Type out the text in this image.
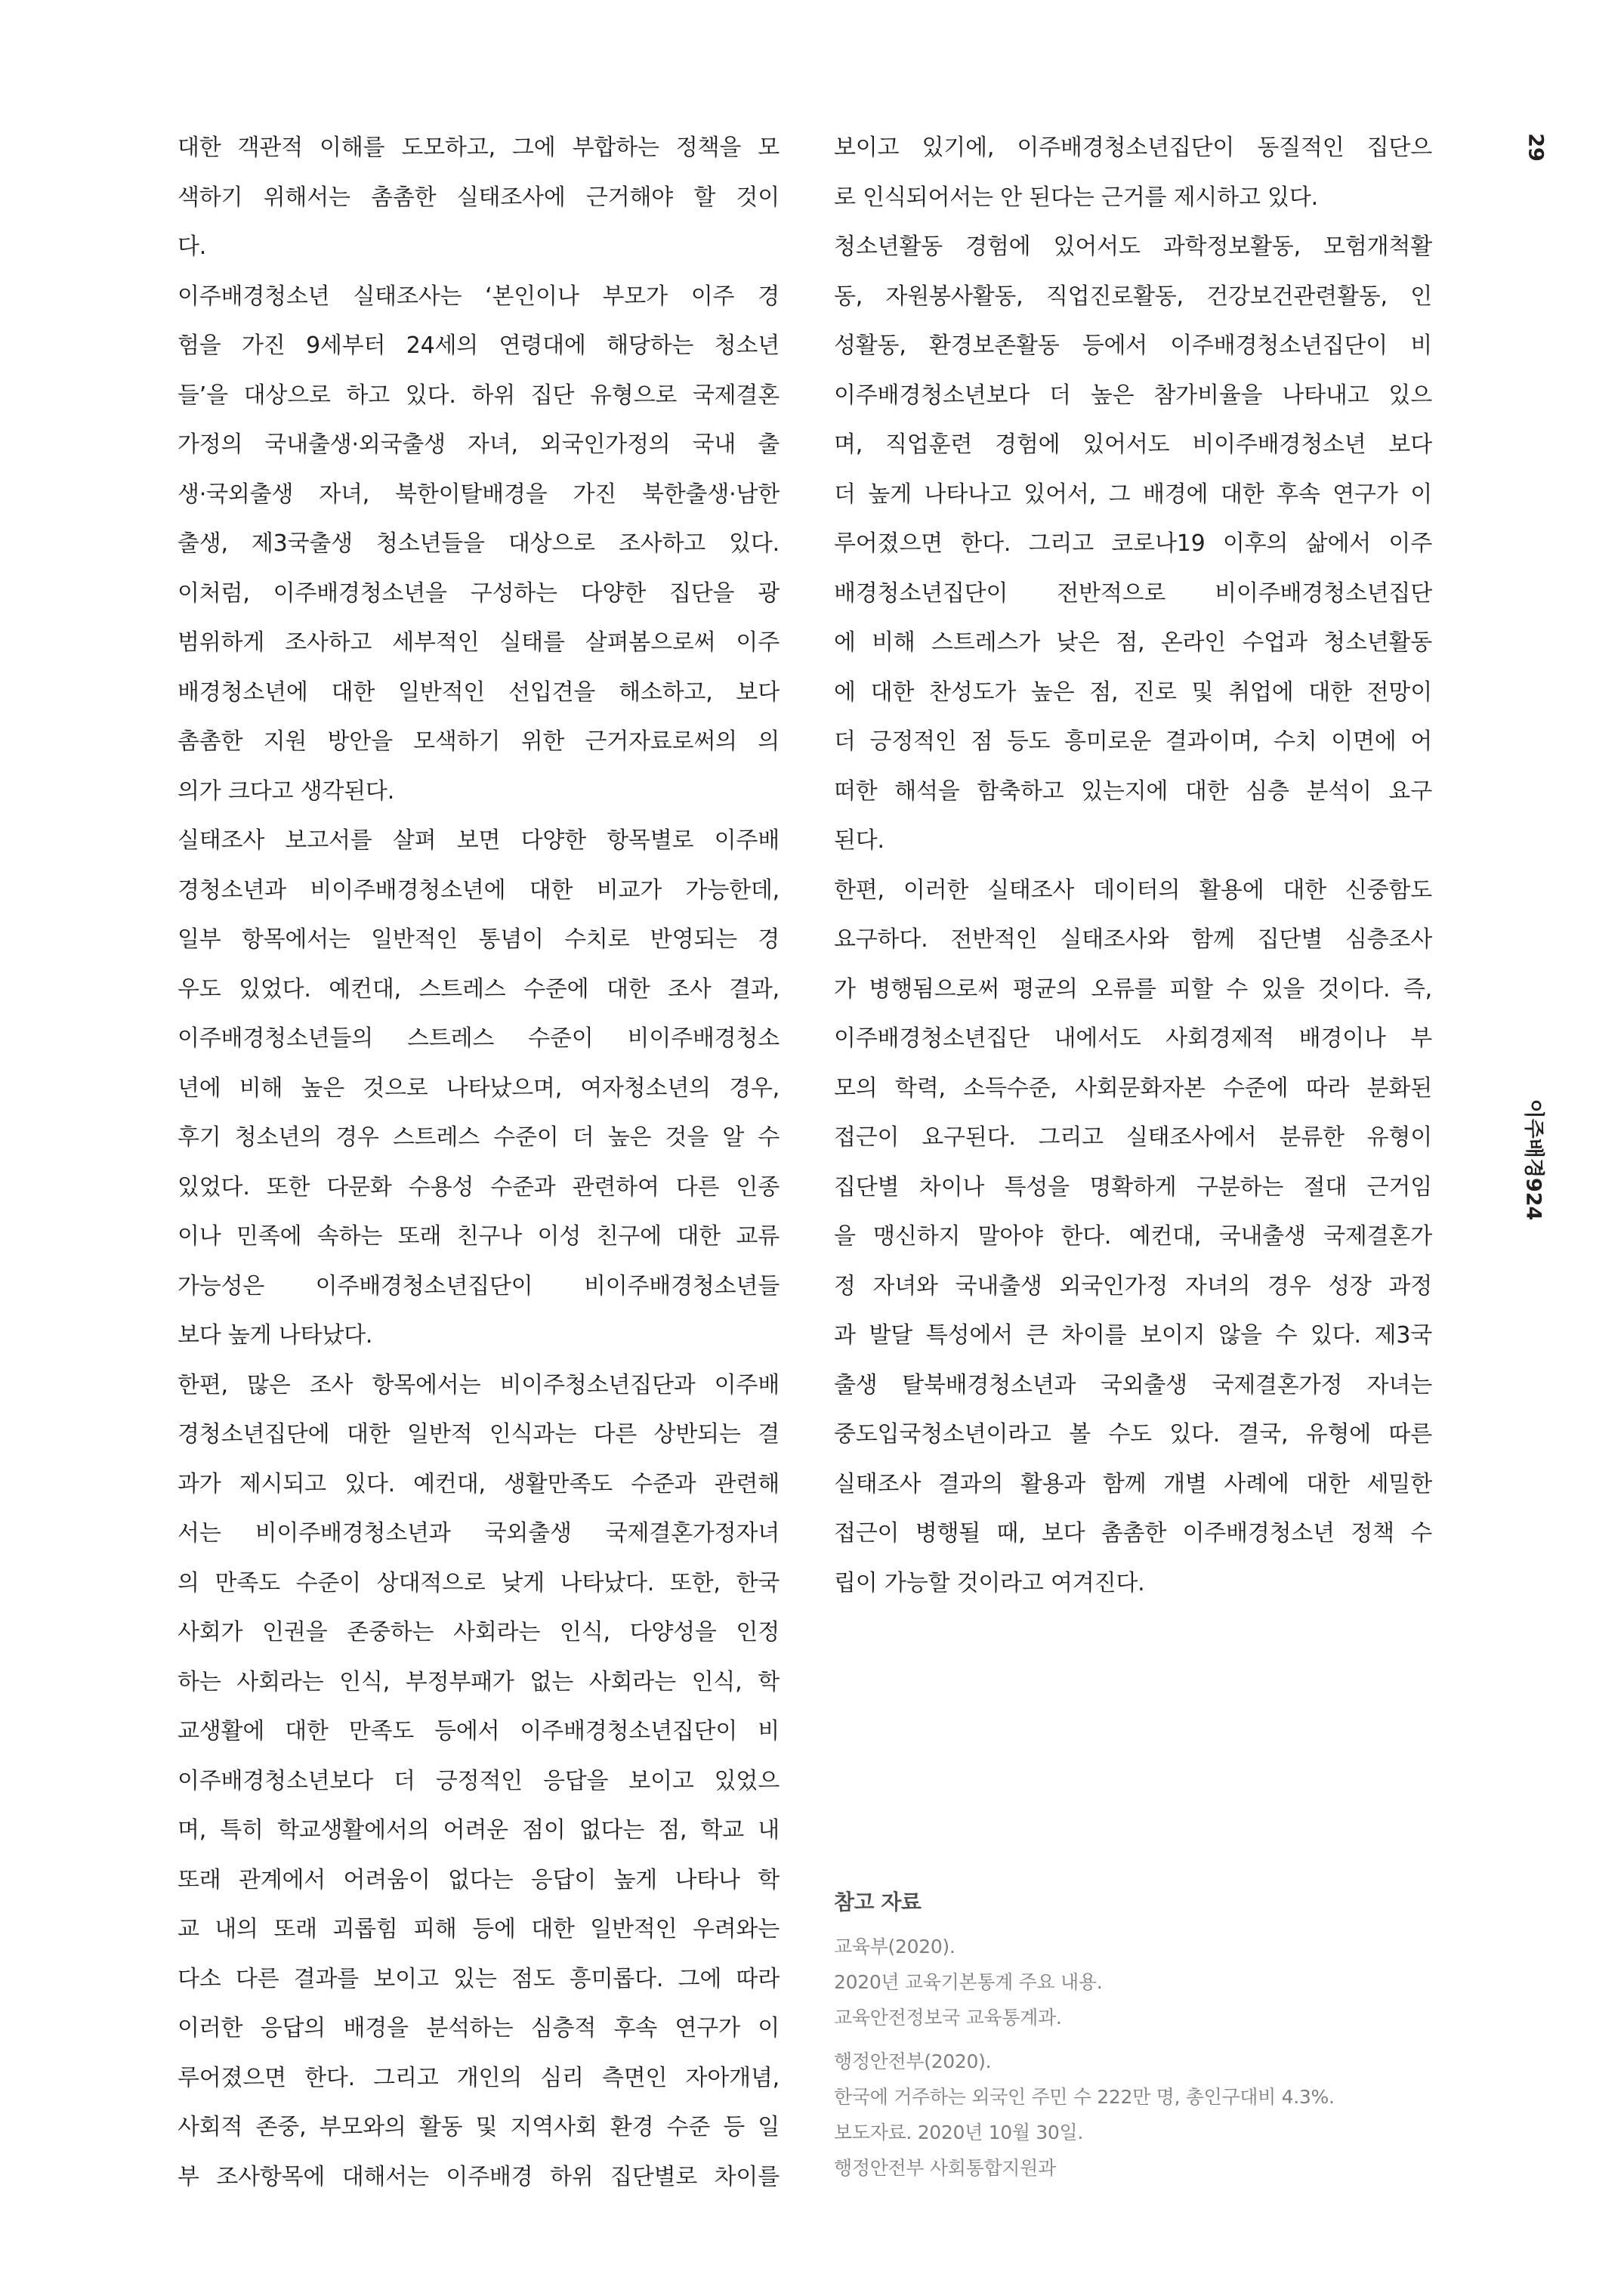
대한 객관적 이해를 도모하고, 그에 부합하는 정책을 모
색하기 위해서는 촘촘한 실태조사에 근거해야 할 것이
다.
이주배경청소년 실태조사는 ‘본인이나 부모가 이주 경
험을 가진 9세부터 24세의 연령대에 해당하는 청소년
들’을 대상으로 하고 있다. 하위 집단 유형으로 국제결혼
가정의 국내출생·외국출생 자녀, 외국인가정의 국내 출
생·국외출생 자녀, 북한이탈배경을 가진 북한출생·남한
출생, 제3국출생 청소년들을 대상으로 조사하고 있다.
이처럼, 이주배경청소년을 구성하는 다양한 집단을 광
범위하게 조사하고 세부적인 실태를 살펴봄으로써 이주
배경청소년에 대한 일반적인 선입견을 해소하고, 보다
촘촘한 지원 방안을 모색하기 위한 근거자료로써의 의
의가 크다고 생각된다.
실태조사 보고서를 살펴 보면 다양한 항목별로 이주배
경청소년과 비이주배경청소년에 대한 비교가 가능한데,
일부 항목에서는 일반적인 통념이 수치로 반영되는 경
우도 있었다. 예컨대, 스트레스 수준에 대한 조사 결과,
이주배경청소년들의 스트레스 수준이 비이주배경청소
년에 비해 높은 것으로 나타났으며, 여자청소년의 경우,
후기 청소년의 경우 스트레스 수준이 더 높은 것을 알 수
있었다. 또한 다문화 수용성 수준과 관련하여 다른 인종
이나 민족에 속하는 또래 친구나 이성 친구에 대한 교류
가능성은 이주배경청소년집단이 비이주배경청소년들
보다 높게 나타났다.
한편, 많은 조사 항목에서는 비이주청소년집단과 이주배
경청소년집단에 대한 일반적 인식과는 다른 상반되는 결
과가 제시되고 있다. 예컨대, 생활만족도 수준과 관련해
서는 비이주배경청소년과 국외출생 국제결혼가정자녀
의 만족도 수준이 상대적으로 낮게 나타났다. 또한, 한국
사회가 인권을 존중하는 사회라는 인식, 다양성을 인정
하는 사회라는 인식, 부정부패가 없는 사회라는 인식, 학
교생활에 대한 만족도 등에서 이주배경청소년집단이 비
이주배경청소년보다 더 긍정적인 응답을 보이고 있었으
며, 특히 학교생활에서의 어려운 점이 없다는 점, 학교 내
또래 관계에서 어려움이 없다는 응답이 높게 나타나 학
교 내의 또래 괴롭힘 피해 등에 대한 일반적인 우려와는
다소 다른 결과를 보이고 있는 점도 흥미롭다. 그에 따라
이러한 응답의 배경을 분석하는 심층적 후속 연구가 이
루어졌으면 한다. 그리고 개인의 심리 측면인 자아개념,
사회적 존중, 부모와의 활동 및 지역사회 환경 수준 등 일
부 조사항목에 대해서는 이주배경 하위 집단별로 차이를
보이고 있기에, 이주배경청소년집단이 동질적인 집단으
로 인식되어서는 안 된다는 근거를 제시하고 있다.
청소년활동 경험에 있어서도 과학정보활동, 모험개척활
동, 자원봉사활동, 직업진로활동, 건강보건관련활동, 인
성활동, 환경보존활동 등에서 이주배경청소년집단이 비
이주배경청소년보다 더 높은 참가비율을 나타내고 있으
며, 직업훈련 경험에 있어서도 비이주배경청소년 보다
더 높게 나타나고 있어서, 그 배경에 대한 후속 연구가 이
루어졌으면 한다. 그리고 코로나19 이후의 삶에서 이주
배경청소년집단이 전반적으로 비이주배경청소년집단
에 비해 스트레스가 낮은 점, 온라인 수업과 청소년활동
에 대한 찬성도가 높은 점, 진로 및 취업에 대한 전망이
더 긍정적인 점 등도 흥미로운 결과이며, 수치 이면에 어
떠한 해석을 함축하고 있는지에 대한 심층 분석이 요구
된다.
한편, 이러한 실태조사 데이터의 활용에 대한 신중함도
요구하다. 전반적인 실태조사와 함께 집단별 심층조사
가 병행됨으로써 평균의 오류를 피할 수 있을 것이다. 즉,
이주배경청소년집단 내에서도 사회경제적 배경이나 부
모의 학력, 소득수준, 사회문화자본 수준에 따라 분화된
접근이 요구된다. 그리고 실태조사에서 분류한 유형이
집단별 차이나 특성을 명확하게 구분하는 절대 근거임
을 맹신하지 말아야 한다. 예컨대, 국내출생 국제결혼가
정 자녀와 국내출생 외국인가정 자녀의 경우 성장 과정
과 발달 특성에서 큰 차이를 보이지 않을 수 있다. 제3국
출생 탈북배경청소년과 국외출생 국제결혼가정 자녀는
중도입국청소년이라고 볼 수도 있다. 결국, 유형에 따른
실태조사 결과의 활용과 함께 개별 사례에 대한 세밀한
접근이 병행될 때, 보다 촘촘한 이주배경청소년 정책 수
립이 가능할 것이라고 여겨진다.
참고 자료
교육부(2020).
2020년 교육기본통계 주요 내용.
교육안전정보국 교육통계과.
행정안전부(2020).
한국에 거주하는 외국인 주민 수 222만 명, 총인구대비 4.3%.
보도자료. 2020년 10월 30일.
행정안전부 사회통합지원과
29
이주배경924
